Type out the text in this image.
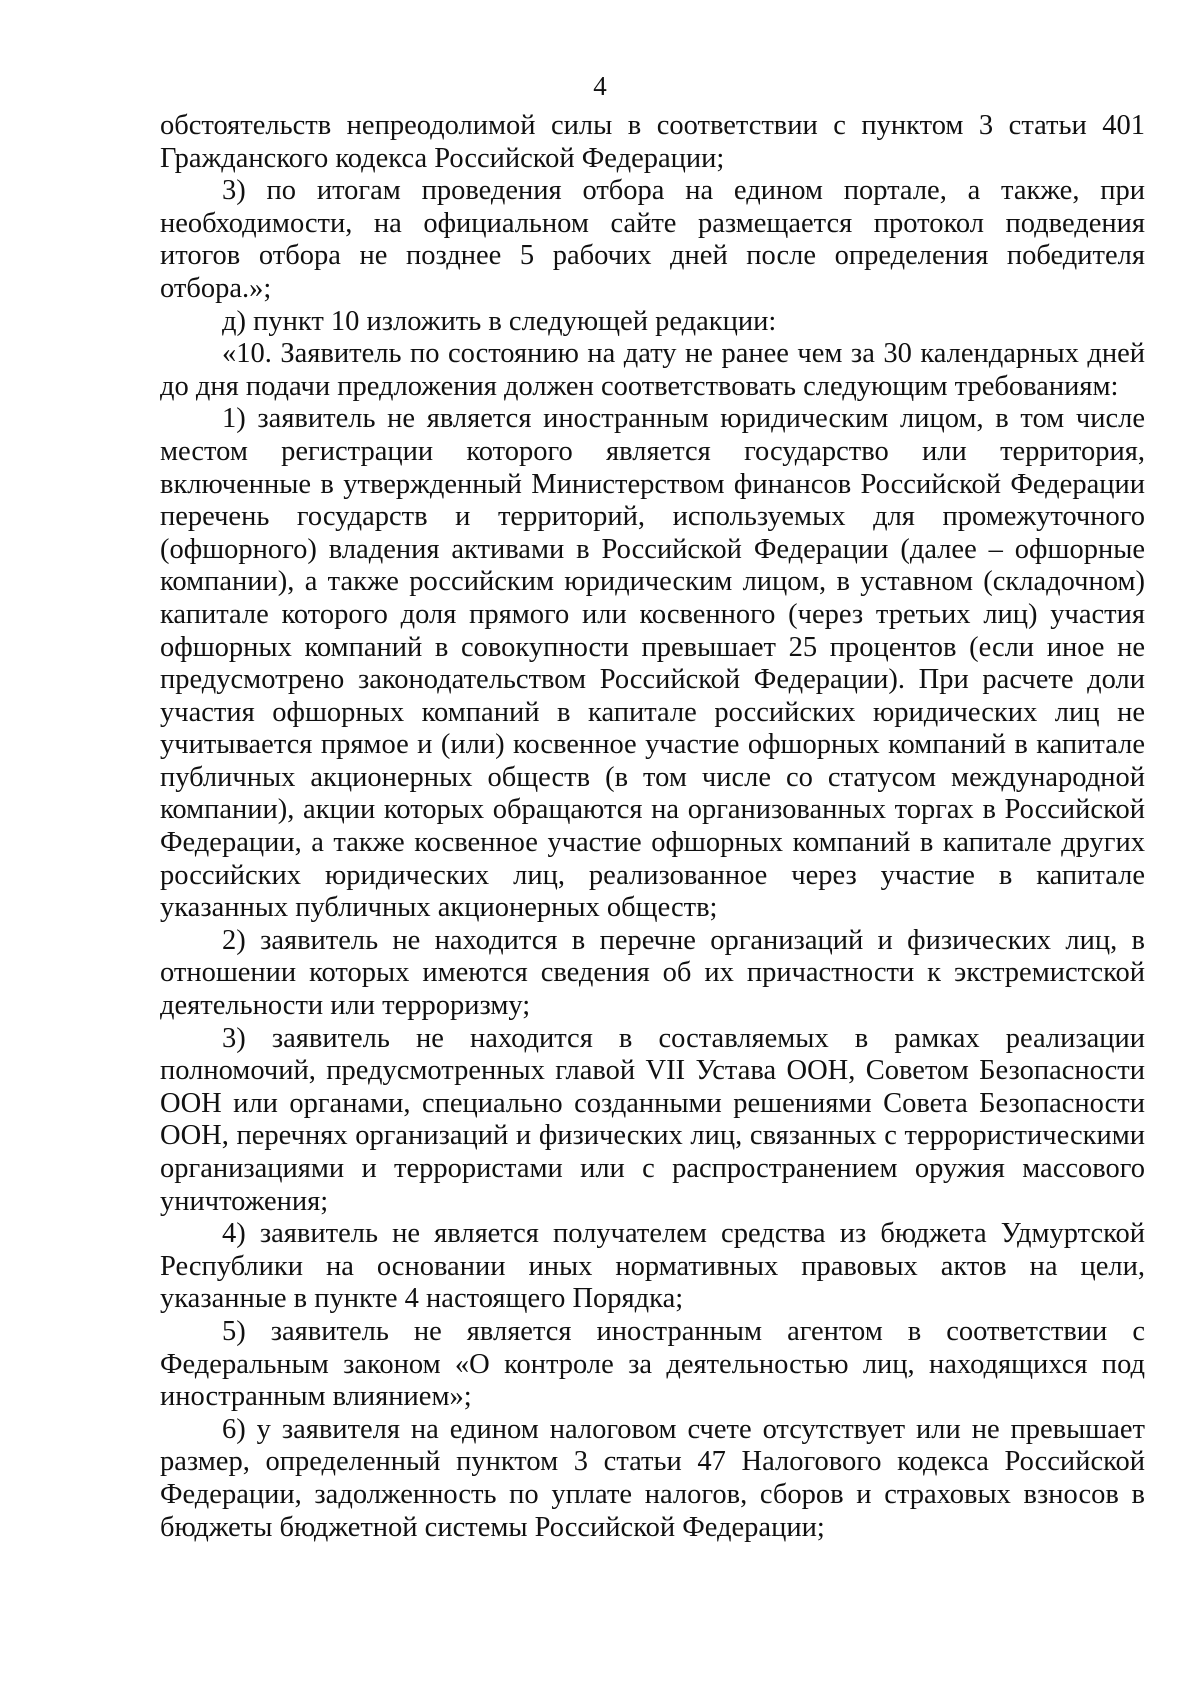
4

обстоятельств непреодолимой силы в соответствии с пунктом 3 статьи 401 Гражданского кодекса Российской Федерации;

3) по итогам проведения отбора на едином портале, а также, при необходимости, на официальном сайте размещается протокол подведения итогов отбора не позднее 5 рабочих дней после определения победителя отбора.»;

д) пункт 10 изложить в следующей редакции:

«10. Заявитель по состоянию на дату не ранее чем за 30 календарных дней до дня подачи предложения должен соответствовать следующим требованиям:

1) заявитель не является иностранным юридическим лицом, в том числе местом регистрации которого является государство или территория, включенные в утвержденный Министерством финансов Российской Федерации перечень государств и территорий, используемых для промежуточного (офшорного) владения активами в Российской Федерации (далее – офшорные компании), а также российским юридическим лицом, в уставном (складочном) капитале которого доля прямого или косвенного (через третьих лиц) участия офшорных компаний в совокупности превышает 25 процентов (если иное не предусмотрено законодательством Российской Федерации). При расчете доли участия офшорных компаний в капитале российских юридических лиц не учитывается прямое и (или) косвенное участие офшорных компаний в капитале публичных акционерных обществ (в том числе со статусом международной компании), акции которых обращаются на организованных торгах в Российской Федерации, а также косвенное участие офшорных компаний в капитале других российских юридических лиц, реализованное через участие в капитале указанных публичных акционерных обществ;

2) заявитель не находится в перечне организаций и физических лиц, в отношении которых имеются сведения об их причастности к экстремистской деятельности или терроризму;

3) заявитель не находится в составляемых в рамках реализации полномочий, предусмотренных главой VII Устава ООН, Советом Безопасности ООН или органами, специально созданными решениями Совета Безопасности ООН, перечнях организаций и физических лиц, связанных с террористическими организациями и террористами или с распространением оружия массового уничтожения;

4) заявитель не является получателем средства из бюджета Удмуртской Республики на основании иных нормативных правовых актов на цели, указанные в пункте 4 настоящего Порядка;

5) заявитель не является иностранным агентом в соответствии с Федеральным законом «О контроле за деятельностью лиц, находящихся под иностранным влиянием»;

6) у заявителя на едином налоговом счете отсутствует или не превышает размер, определенный пунктом 3 статьи 47 Налогового кодекса Российской Федерации, задолженность по уплате налогов, сборов и страховых взносов в бюджеты бюджетной системы Российской Федерации;
